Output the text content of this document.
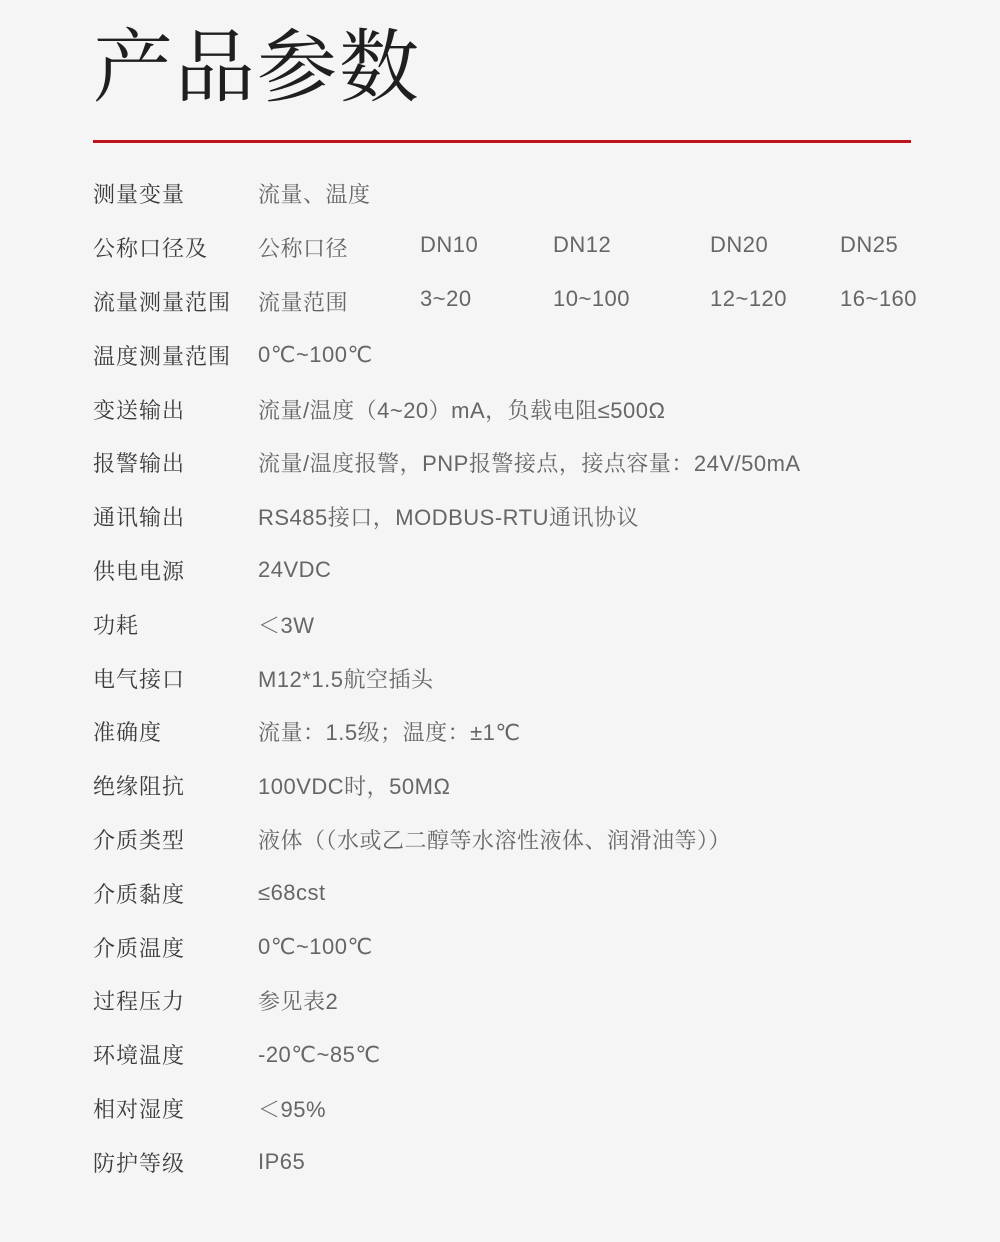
产品参数
测量变量	流量、温度
公称口径及	公称口径	DN10	DN12	DN20	DN25
流量测量范围	流量范围	3~20	10~100	12~120	16~160
温度测量范围	0℃~100℃
变送输出	流量/温度（4~20）mA，负载电阻≤500Ω
报警输出	流量/温度报警，PNP报警接点，接点容量：24V/50mA
通讯输出	RS485接口，MODBUS-RTU通讯协议
供电电源	24VDC
功耗	＜3W
电气接口	M12*1.5航空插头
准确度	流量：1.5级；温度：±1℃
绝缘阻抗	100VDC时，50MΩ
介质类型	液体（（水或乙二醇等水溶性液体、润滑油等））
介质黏度	≤68cst
介质温度	0℃~100℃
过程压力	参见表2
环境温度	-20℃~85℃
相对湿度	＜95%
防护等级	IP65
